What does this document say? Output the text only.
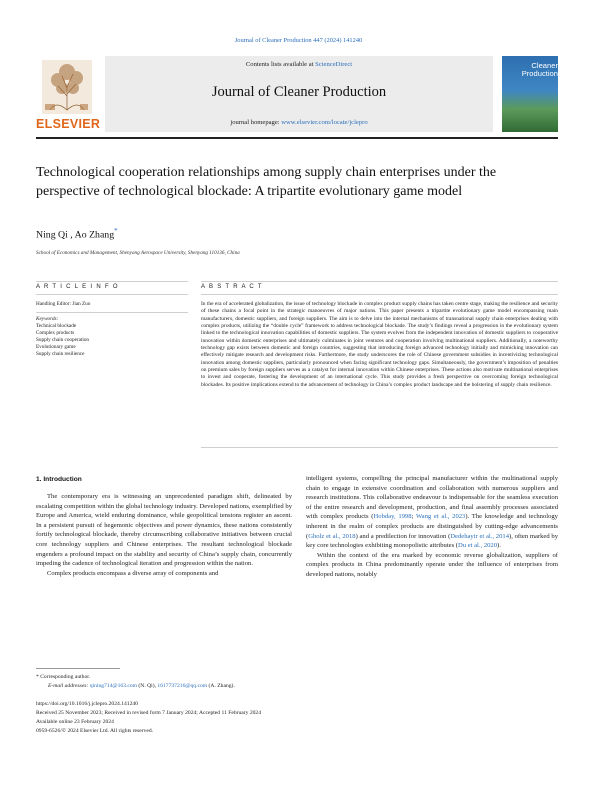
Journal of Cleaner Production 447 (2024) 141240
ELSEVIER
Contents lists available at ScienceDirect
Journal of Cleaner Production
journal homepage: www.elsevier.com/locate/jclepro
Cleaner
Production
Technological cooperation relationships among supply chain enterprises under the perspective of technological blockade: A tripartite evolutionary game model
Ning Qi , Ao Zhang*
School of Economics and Management, Shenyang Aerospace University, Shenyang 110136, China
A R T I C L E I N F O	A B S T R A C T
Handling Editor: Jian Zuo
Keywords:
Technical blockade
Complex products
Supply chain cooperation
Evolutionary game
Supply chain resilience

In the era of accelerated globalization, the issue of technology blockade in complex product supply chains has taken centre stage, making the resilience and security of these chains a focal point in the strategic manoeuvres of major nations. This paper presents a tripartite evolutionary game model encompassing main manufacturers, domestic suppliers, and foreign suppliers. The aim is to delve into the internal mechanisms of transnational supply chain enterprises dealing with complex products, utilizing the “double cycle” framework to address technological blockade. The study’s findings reveal a progression in the evolutionary system linked to the technological innovation capabilities of domestic suppliers. The system evolves from the independent innovation of domestic suppliers to cooperative innovation within domestic enterprises and ultimately culminates in joint ventures and cooperation involving multinational suppliers. Additionally, a noteworthy technology gap exists between domestic and foreign countries, suggesting that introducing foreign advanced technology initially and mimicking innovation can effectively mitigate research and development risks. Furthermore, the study underscores the role of Chinese government subsidies in incentivizing technological innovation among domestic suppliers, particularly pronounced when facing significant technology gaps. Simultaneously, the government’s imposition of penalties on premium sales by foreign suppliers serves as a catalyst for internal innovation within Chinese enterprises. These actions also motivate multinational enterprises to invest and cooperate, fostering the development of an international cycle. This study provides a fresh perspective on overcoming foreign technological blockades. Its positive implications extend to the advancement of technology in China’s complex product landscape and the bolstering of supply chain resilience.

1. Introduction

The contemporary era is witnessing an unprecedented paradigm shift, delineated by escalating competition within the global technology industry. Developed nations, exemplified by Europe and America, wield enduring dominance, while geopolitical tensions register an ascent. In a persistent pursuit of hegemonic objectives and power dynamics, these nations consistently fortify technological blockade, thereby circumscribing collaborative initiatives between crucial core technology suppliers and Chinese enterprises. The resultant technological blockade engenders a profound impact on the stability and security of China’s supply chain, concurrently impeding the cadence of technological iteration and progression within the nation.

Complex products encompass a diverse array of components and

intelligent systems, compelling the principal manufacturer within the multinational supply chain to engage in extensive coordination and collaboration with numerous suppliers and research institutions. This collaborative endeavour is indispensable for the seamless execution of the entire research and development, production, and final assembly processes associated with complex products (Hobday, 1998; Wang et al., 2023). The knowledge and technology inherent in the realm of complex products are distinguished by cutting-edge advancements (Gholz et al., 2018) and a predilection for innovation (Dedehayir et al., 2014), often marked by key core technologies exhibiting monopolistic attributes (Du et al., 2020).

Within the context of the era marked by economic reverse globalization, suppliers of complex products in China predominantly operate under the influence of enterprises from developed nations, notably

* Corresponding author.
E-mail addresses: qining714@163.com (N. Qi), 1617737216@qq.com (A. Zhang).
https://doi.org/10.1016/j.jclepro.2024.141240
Received 25 November 2023; Received in revised form 7 January 2024; Accepted 11 February 2024
Available online 23 February 2024
0959-6526/© 2024 Elsevier Ltd. All rights reserved.
